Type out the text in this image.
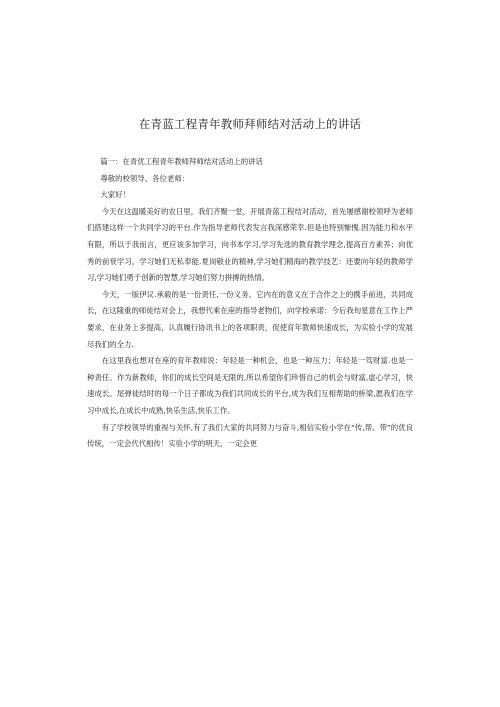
在青蓝工程青年教师拜师结对活动上的讲话

篇一：在青优工程青年教师拜师结对活动上的讲话

尊敬的校领导、各位老师：

大家好！

今天在这温暖美好的农日里，我们齐聚一堂，开展青蓝工程结对活动，首先屡感谢校领呼为老师们搭建这样一个共同学习的平台.作为指导老师代表发言我深感荣幸.但是也特别惭愧.因为能力和水平有限，所以于我而言，更应该多加学习，向书本学习,学习先选的教育教学理念,提高百方素养；向优秀的前衰学习，学习她们无私奉能.夏岗敬业的精神,学习她们精海的教学技艺：还要向年轻的教师学习,学习她们勇于创新的智慧,学习她们努力拼搏的热情。

今天，一版伊议.承毅的是一份责任,一份义务。它内在的意义在于合作之上的携手前进，共同成长，在这隆重的师徒结对会上，我想代乘在座的指导老物们，向学校承诺：今后我旬星意在工作上严要求，在业务上多提高，认真履行协讯书上的各项职责，促使育年教师快速成长，为实验小学的发展尽我们的全力.

在这里我也想对在座的育年教师说：年轻是一种机会，也是一种压力；年轻是一笃财富.也是一种责任。作为新教师，你们的成长空间是无限的,所以希望你们珍惜自己的机会与财富,虚心学习，快速成长。尾弹徒结时的每一个日子都成为我们共同成长的平台,成为我们互相帮助的桥梁,愿我们在学习中成长,在成长中成熟,快乐生活,快乐工作。

有了学校领导的重视与关怀,有了我们大家的共同努力与奋斗,相信实验小学在“传,帮、带”的优良传统，一定会代代相传！实验小学的明天，一定会更
